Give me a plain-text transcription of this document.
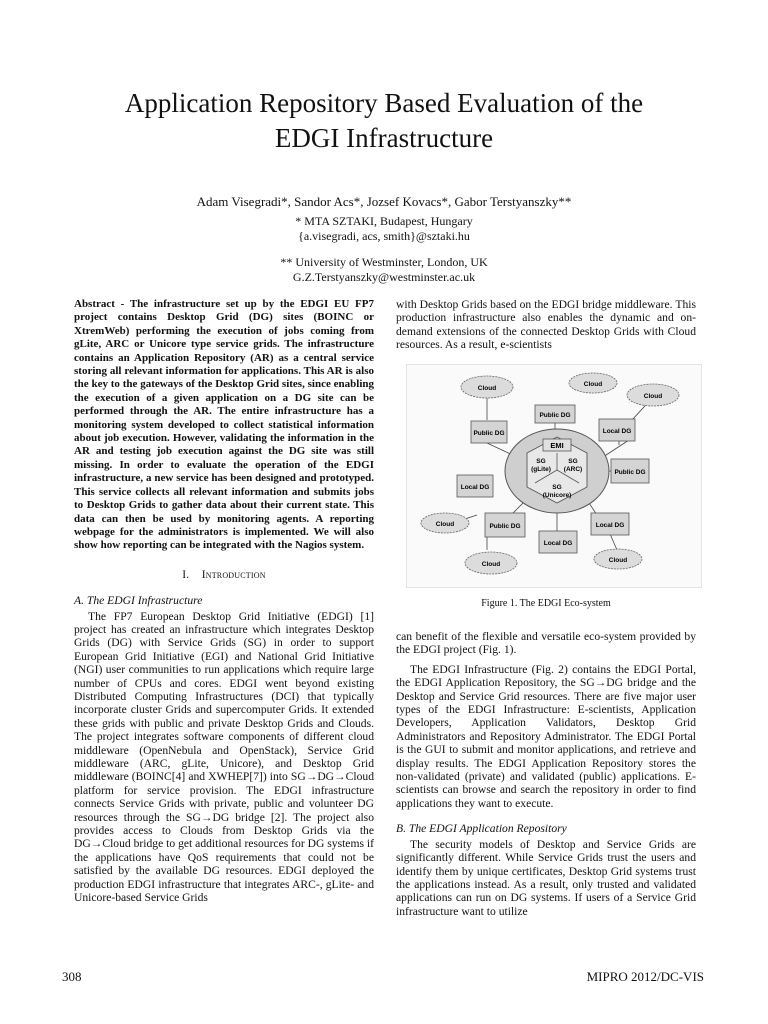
Application Repository Based Evaluation of the
EDGI Infrastructure
Adam Visegradi*, Sandor Acs*, Jozsef Kovacs*, Gabor Terstyanszky**
* MTA SZTAKI, Budapest, Hungary
{a.visegradi, acs, smith}@sztaki.hu
** University of Westminster, London, UK
G.Z.Terstyanszky@westminster.ac.uk

Abstract - The infrastructure set up by the EDGI EU FP7 project contains Desktop Grid (DG) sites (BOINC or XtremWeb) performing the execution of jobs coming from gLite, ARC or Unicore type service grids. The infrastructure contains an Application Repository (AR) as a central service storing all relevant information for applications. This AR is also the key to the gateways of the Desktop Grid sites, since enabling the execution of a given application on a DG site can be performed through the AR. The entire infrastructure has a monitoring system developed to collect statistical information about job execution. However, validating the information in the AR and testing job execution against the DG site was still missing. In order to evaluate the operation of the EDGI infrastructure, a new service has been designed and prototyped. This service collects all relevant information and submits jobs to Desktop Grids to gather data about their current state. This data can then be used by monitoring agents. A reporting webpage for the administrators is implemented. We will also show how reporting can be integrated with the Nagios system.

I. Introduction

A. The EDGI Infrastructure

The FP7 European Desktop Grid Initiative (EDGI) [1] project has created an infrastructure which integrates Desktop Grids (DG) with Service Grids (SG) in order to support European Grid Initiative (EGI) and National Grid Initiative (NGI) user communities to run applications which require large number of CPUs and cores. EDGI went beyond existing Distributed Computing Infrastructures (DCI) that typically incorporate cluster Grids and supercomputer Grids. It extended these grids with public and private Desktop Grids and Clouds. The project integrates software components of different cloud middleware (OpenNebula and OpenStack), Service Grid middleware (ARC, gLite, Unicore), and Desktop Grid middleware (BOINC[4] and XWHEP[7]) into SG→DG→Cloud platform for service provision. The EDGI infrastructure connects Service Grids with private, public and volunteer DG resources through the SG→DG bridge [2]. The project also provides access to Clouds from Desktop Grids via the DG→Cloud bridge to get additional resources for DG systems if the applications have QoS requirements that could not be satisfied by the available DG resources. EDGI deployed the production EDGI infrastructure that integrates ARC-, gLite- and Unicore-based Service Grids

with Desktop Grids based on the EDGI bridge middleware. This production infrastructure also enables the dynamic and on-demand extensions of the connected Desktop Grids with Cloud resources. As a result, e-scientists

EMI
SG (gLite)
SG (ARC)
SG (Unicore)
Public DG
Public DG	Local DG
Public DG
Local DG
Public DG
Local DG
Local DG
Cloud
Cloud
Cloud
Cloud
Cloud
Cloud
Figure 1. The EDGI Eco-system

can benefit of the flexible and versatile eco-system provided by the EDGI project (Fig. 1).

The EDGI Infrastructure (Fig. 2) contains the EDGI Portal, the EDGI Application Repository, the SG→DG bridge and the Desktop and Service Grid resources. There are five major user types of the EDGI Infrastructure: E-scientists, Application Developers, Application Validators, Desktop Grid Administrators and Repository Administrator. The EDGI Portal is the GUI to submit and monitor applications, and retrieve and display results. The EDGI Application Repository stores the non-validated (private) and validated (public) applications. E-scientists can browse and search the repository in order to find applications they want to execute.

B. The EDGI Application Repository

The security models of Desktop and Service Grids are significantly different. While Service Grids trust the users and identify them by unique certificates, Desktop Grid systems trust the applications instead. As a result, only trusted and validated applications can run on DG systems. If users of a Service Grid infrastructure want to utilize

308	MIPRO 2012/DC-VIS
